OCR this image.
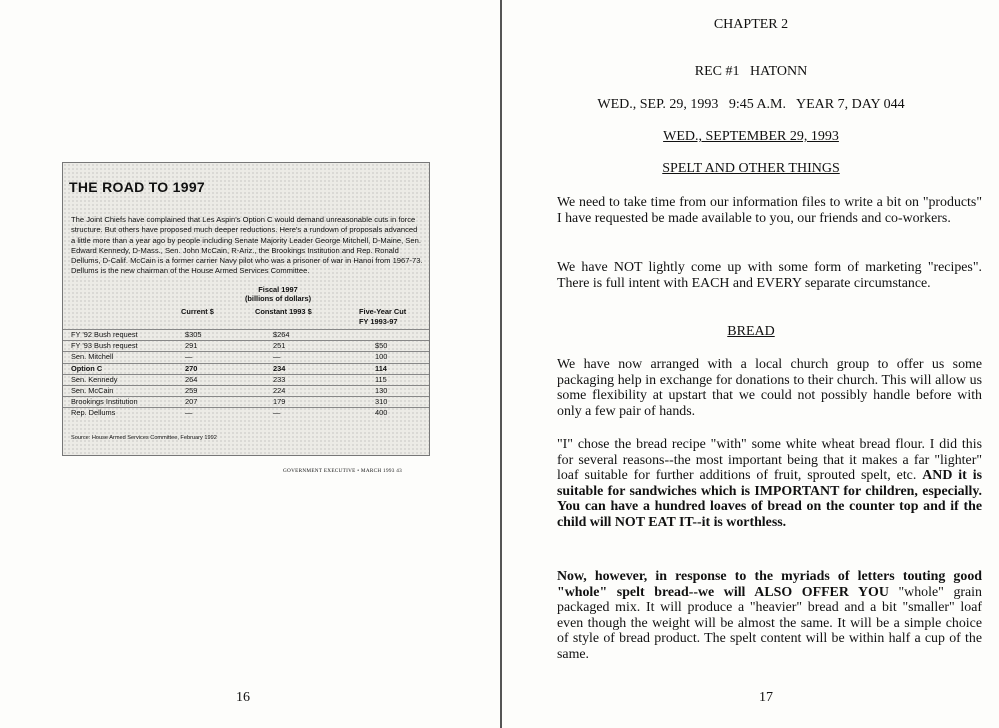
THE ROAD TO 1997
The Joint Chiefs have complained that Les Aspin's Option C would demand unreasonable cuts in force structure. But others have proposed much deeper reductions. Here's a rundown of proposals advanced a little more than a year ago by people including Senate Majority Leader George Mitchell, D-Maine, Sen. Edward Kennedy, D-Mass., Sen. John McCain, R-Ariz., the Brookings Institution and Rep. Ronald Dellums, D-Calif. McCain is a former carrier Navy pilot who was a prisoner of war in Hanoi from 1967-73. Dellums is the new chairman of the House Armed Services Committee.
Fiscal 1997
(billions of dollars)
Current $	Constant 1993 $	Five-Year Cut
FY 1993-97
FY '92 Bush request	$305	$264
FY '93 Bush request	291	251	$50
Sen. Mitchell	—	—	100
Option C	270	234	114
Sen. Kennedy	264	233	115
Sen. McCain	259	224	130
Brookings Institution	207	179	310
Rep. Dellums	—	—	400
Source: House Armed Services Committee, February 1992
GOVERNMENT EXECUTIVE • MARCH 1993 43
16
CHAPTER 2
REC #1   HATONN
WED., SEP. 29, 1993   9:45 A.M.   YEAR 7, DAY 044
WED., SEPTEMBER 29, 1993
SPELT AND OTHER THINGS

We need to take time from our information files to write a bit on "products" I have requested be made available to you, our friends and co-workers.

We have NOT lightly come up with some form of marketing "recipes". There is full intent with EACH and EVERY separate circumstance.

BREAD

We have now arranged with a local church group to offer us some packaging help in exchange for donations to their church. This will allow us some flexibility at upstart that we could not possibly handle before with only a few pair of hands.

"I" chose the bread recipe "with" some white wheat bread flour. I did this for several reasons--the most important being that it makes a far "lighter" loaf suitable for further additions of fruit, sprouted spelt, etc. AND it is suitable for sandwiches which is IMPORTANT for children, especially. You can have a hundred loaves of bread on the counter top and if the child will NOT EAT IT--it is worthless.

Now, however, in response to the myriads of letters touting good "whole" spelt bread--we will ALSO OFFER YOU "whole" grain packaged mix. It will produce a "heavier" bread and a bit "smaller" loaf even though the weight will be almost the same. It will be a simple choice of style of bread product. The spelt content will be within half a cup of the same.

17
